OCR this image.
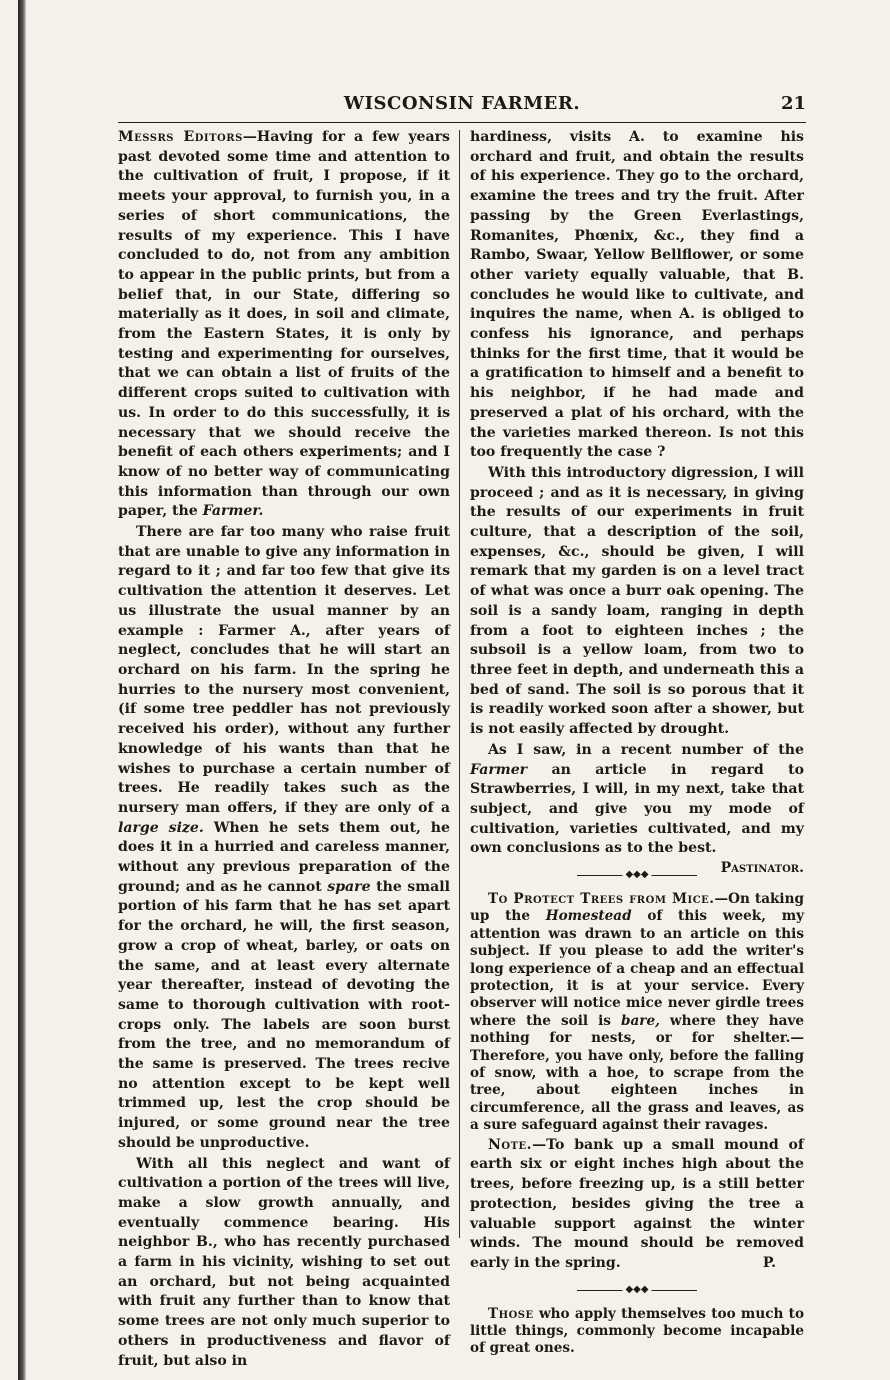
WISCONSIN FARMER.	21

Messrs Editors—Having for a few years past devoted some time and attention to the cultivation of fruit, I propose, if it meets your approval, to furnish you, in a series of short communications, the results of my experience. This I have concluded to do, not from any ambition to appear in the public prints, but from a belief that, in our State, differing so materially as it does, in soil and climate, from the Eastern States, it is only by testing and experimenting for ourselves, that we can obtain a list of fruits of the different crops suited to cultivation with us. In order to do this successfully, it is necessary that we should receive the benefit of each others experiments; and I know of no better way of communicating this information than through our own paper, the Farmer.

There are far too many who raise fruit that are unable to give any information in regard to it ; and far too few that give its cultivation the attention it deserves. Let us illustrate the usual manner by an example : Farmer A., after years of neglect, concludes that he will start an orchard on his farm. In the spring he hurries to the nursery most convenient, (if some tree peddler has not previously received his order), without any further knowledge of his wants than that he wishes to purchase a certain number of trees. He readily takes such as the nursery man offers, if they are only of a large size. When he sets them out, he does it in a hurried and careless manner, without any previous preparation of the ground; and as he cannot spare the small portion of his farm that he has set apart for the orchard, he will, the first season, grow a crop of wheat, barley, or oats on the same, and at least every alternate year thereafter, instead of devoting the same to thorough cultivation with root-crops only. The labels are soon burst from the tree, and no memorandum of the same is preserved. The trees recive no attention except to be kept well trimmed up, lest the crop should be injured, or some ground near the tree should be unproductive.

With all this neglect and want of cultivation a portion of the trees will live, make a slow growth annually, and eventually commence bearing. His neighbor B., who has recently purchased a farm in his vicinity, wishing to set out an orchard, but not being acquainted with fruit any further than to know that some trees are not only much superior to others in productiveness and flavor of fruit, but also in

hardiness, visits A. to examine his orchard and fruit, and obtain the results of his experience. They go to the orchard, examine the trees and try the fruit. After passing by the Green Everlastings, Romanites, Phœnix, &c., they find a Rambo, Swaar, Yellow Bellflower, or some other variety equally valuable, that B. concludes he would like to cultivate, and inquires the name, when A. is obliged to confess his ignorance, and perhaps thinks for the first time, that it would be a gratification to himself and a benefit to his neighbor, if he had made and preserved a plat of his orchard, with the the varieties marked thereon. Is not this too frequently the case ?

With this introductory digression, I will proceed ; and as it is necessary, in giving the results of our experiments in fruit culture, that a description of the soil, expenses, &c., should be given, I will remark that my garden is on a level tract of what was once a burr oak opening. The soil is a sandy loam, ranging in depth from a foot to eighteen inches ; the subsoil is a yellow loam, from two to three feet in depth, and underneath this a bed of sand. The soil is so porous that it is readily worked soon after a shower, but is not easily affected by drought.

As I saw, in a recent number of the Farmer an article in regard to Strawberries, I will, in my next, take that subject, and give you my mode of cultivation, varieties cultivated, and my own conclusions as to the best.
Pastinator.

◆◆◆

To Protect Trees from Mice.—On taking up the Homestead of this week, my attention was drawn to an article on this subject. If you please to add the writer's long experience of a cheap and an effectual protection, it is at your service. Every observer will notice mice never girdle trees where the soil is bare, where they have nothing for nests, or for shelter.— Therefore, you have only, before the falling of snow, with a hoe, to scrape from the tree, about eighteen inches in circumference, all the grass and leaves, as a sure safeguard against their ravages.

Note.—To bank up a small mound of earth six or eight inches high about the trees, before freezing up, is a still better protection, besides giving the tree a valuable support against the winter winds. The mound should be removed early in the spring.	P.

◆◆◆

Those who apply themselves too much to little things, commonly become incapable of great ones.
